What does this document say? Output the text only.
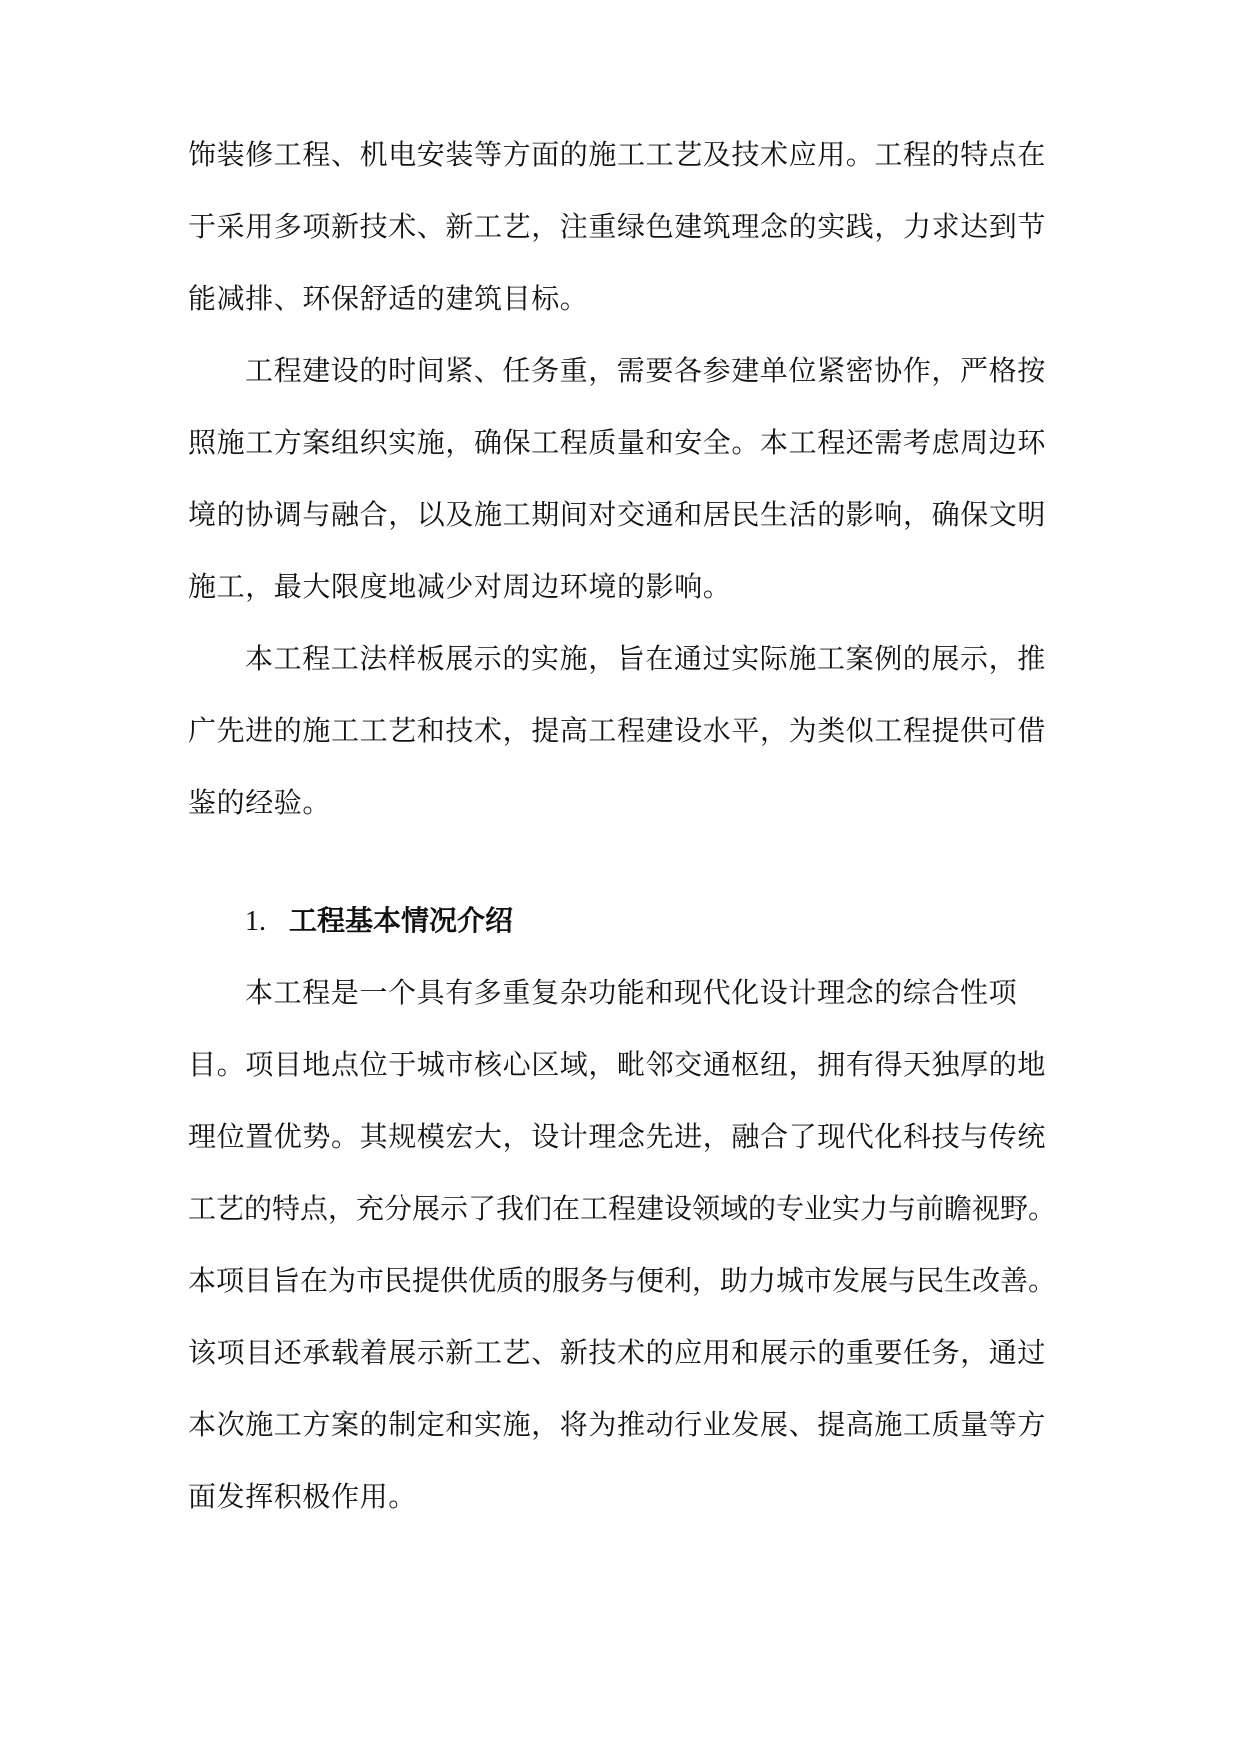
饰装修工程、机电安装等方面的施工工艺及技术应用。工程的特点在
于采用多项新技术、新工艺，注重绿色建筑理念的实践，力求达到节
能减排、环保舒适的建筑目标。
工程建设的时间紧、任务重，需要各参建单位紧密协作，严格按
照施工方案组织实施，确保工程质量和安全。本工程还需考虑周边环
境的协调与融合，以及施工期间对交通和居民生活的影响，确保文明
施工，最大限度地减少对周边环境的影响。
本工程工法样板展示的实施，旨在通过实际施工案例的展示，推
广先进的施工工艺和技术，提高工程建设水平，为类似工程提供可借
鉴的经验。
1. 工程基本情况介绍
本工程是一个具有多重复杂功能和现代化设计理念的综合性项
目。项目地点位于城市核心区域，毗邻交通枢纽，拥有得天独厚的地
理位置优势。其规模宏大，设计理念先进，融合了现代化科技与传统
工艺的特点，充分展示了我们在工程建设领域的专业实力与前瞻视野。
本项目旨在为市民提供优质的服务与便利，助力城市发展与民生改善。
该项目还承载着展示新工艺、新技术的应用和展示的重要任务，通过
本次施工方案的制定和实施，将为推动行业发展、提高施工质量等方
面发挥积极作用。
